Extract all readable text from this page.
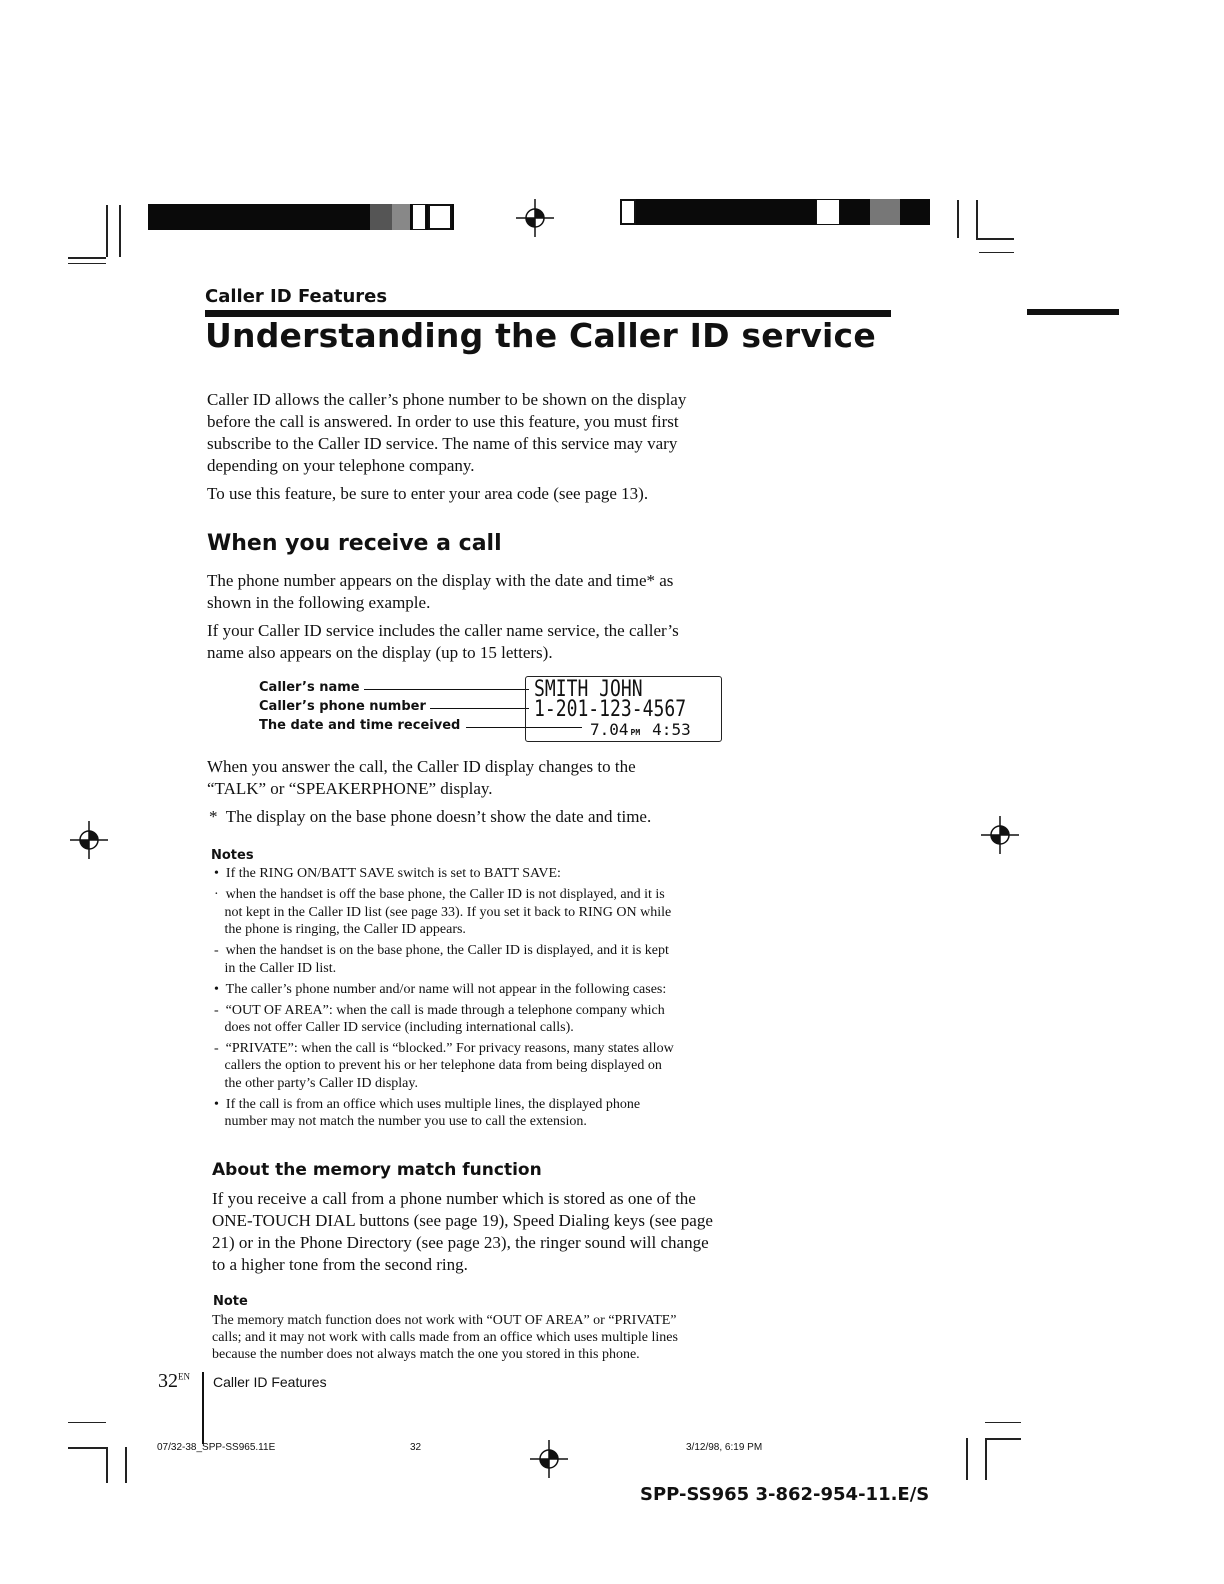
Caller ID Features
Understanding the Caller ID service
Caller ID allows the caller’s phone number to be shown on the display
before the call is answered. In order to use this feature, you must first
subscribe to the Caller ID service. The name of this service may vary
depending on your telephone company.
To use this feature, be sure to enter your area code (see page 13).
When you receive a call
The phone number appears on the display with the date and time* as
shown in the following example.
If your Caller ID service includes the caller name service, the caller’s
name also appears on the display (up to 15 letters).
Caller’s name
Caller’s phone number
The date and time received
SMITH JOHN
1-201-123-4567
7.04 PM 4:53
When you answer the call, the Caller ID display changes to the
“TALK” or “SPEAKERPHONE” display.
*  The display on the base phone doesn’t show the date and time.
Notes
•  If the RING ON/BATT SAVE switch is set to BATT SAVE:
·  when the handset is off the base phone, the Caller ID is not displayed, and it is
not kept in the Caller ID list (see page 33). If you set it back to RING ON while
the phone is ringing, the Caller ID appears.
-  when the handset is on the base phone, the Caller ID is displayed, and it is kept
in the Caller ID list.
•  The caller’s phone number and/or name will not appear in the following cases:
-  “OUT OF AREA”: when the call is made through a telephone company which
does not offer Caller ID service (including international calls).
-  “PRIVATE”: when the call is “blocked.” For privacy reasons, many states allow
callers the option to prevent his or her telephone data from being displayed on
the other party’s Caller ID display.
•  If the call is from an office which uses multiple lines, the displayed phone
number may not match the number you use to call the extension.
About the memory match function
If you receive a call from a phone number which is stored as one of the
ONE-TOUCH DIAL buttons (see page 19), Speed Dialing keys (see page
21) or in the Phone Directory (see page 23), the ringer sound will change
to a higher tone from the second ring.
Note
The memory match function does not work with “OUT OF AREA” or “PRIVATE”
calls; and it may not work with calls made from an office which uses multiple lines
because the number does not always match the one you stored in this phone.
$32^{EN}$ Caller ID Features
07/32-38_SPP-SS965.11E	32	3/12/98, 6:19 PM
SPP-SS965 3-862-954-11.E/S
